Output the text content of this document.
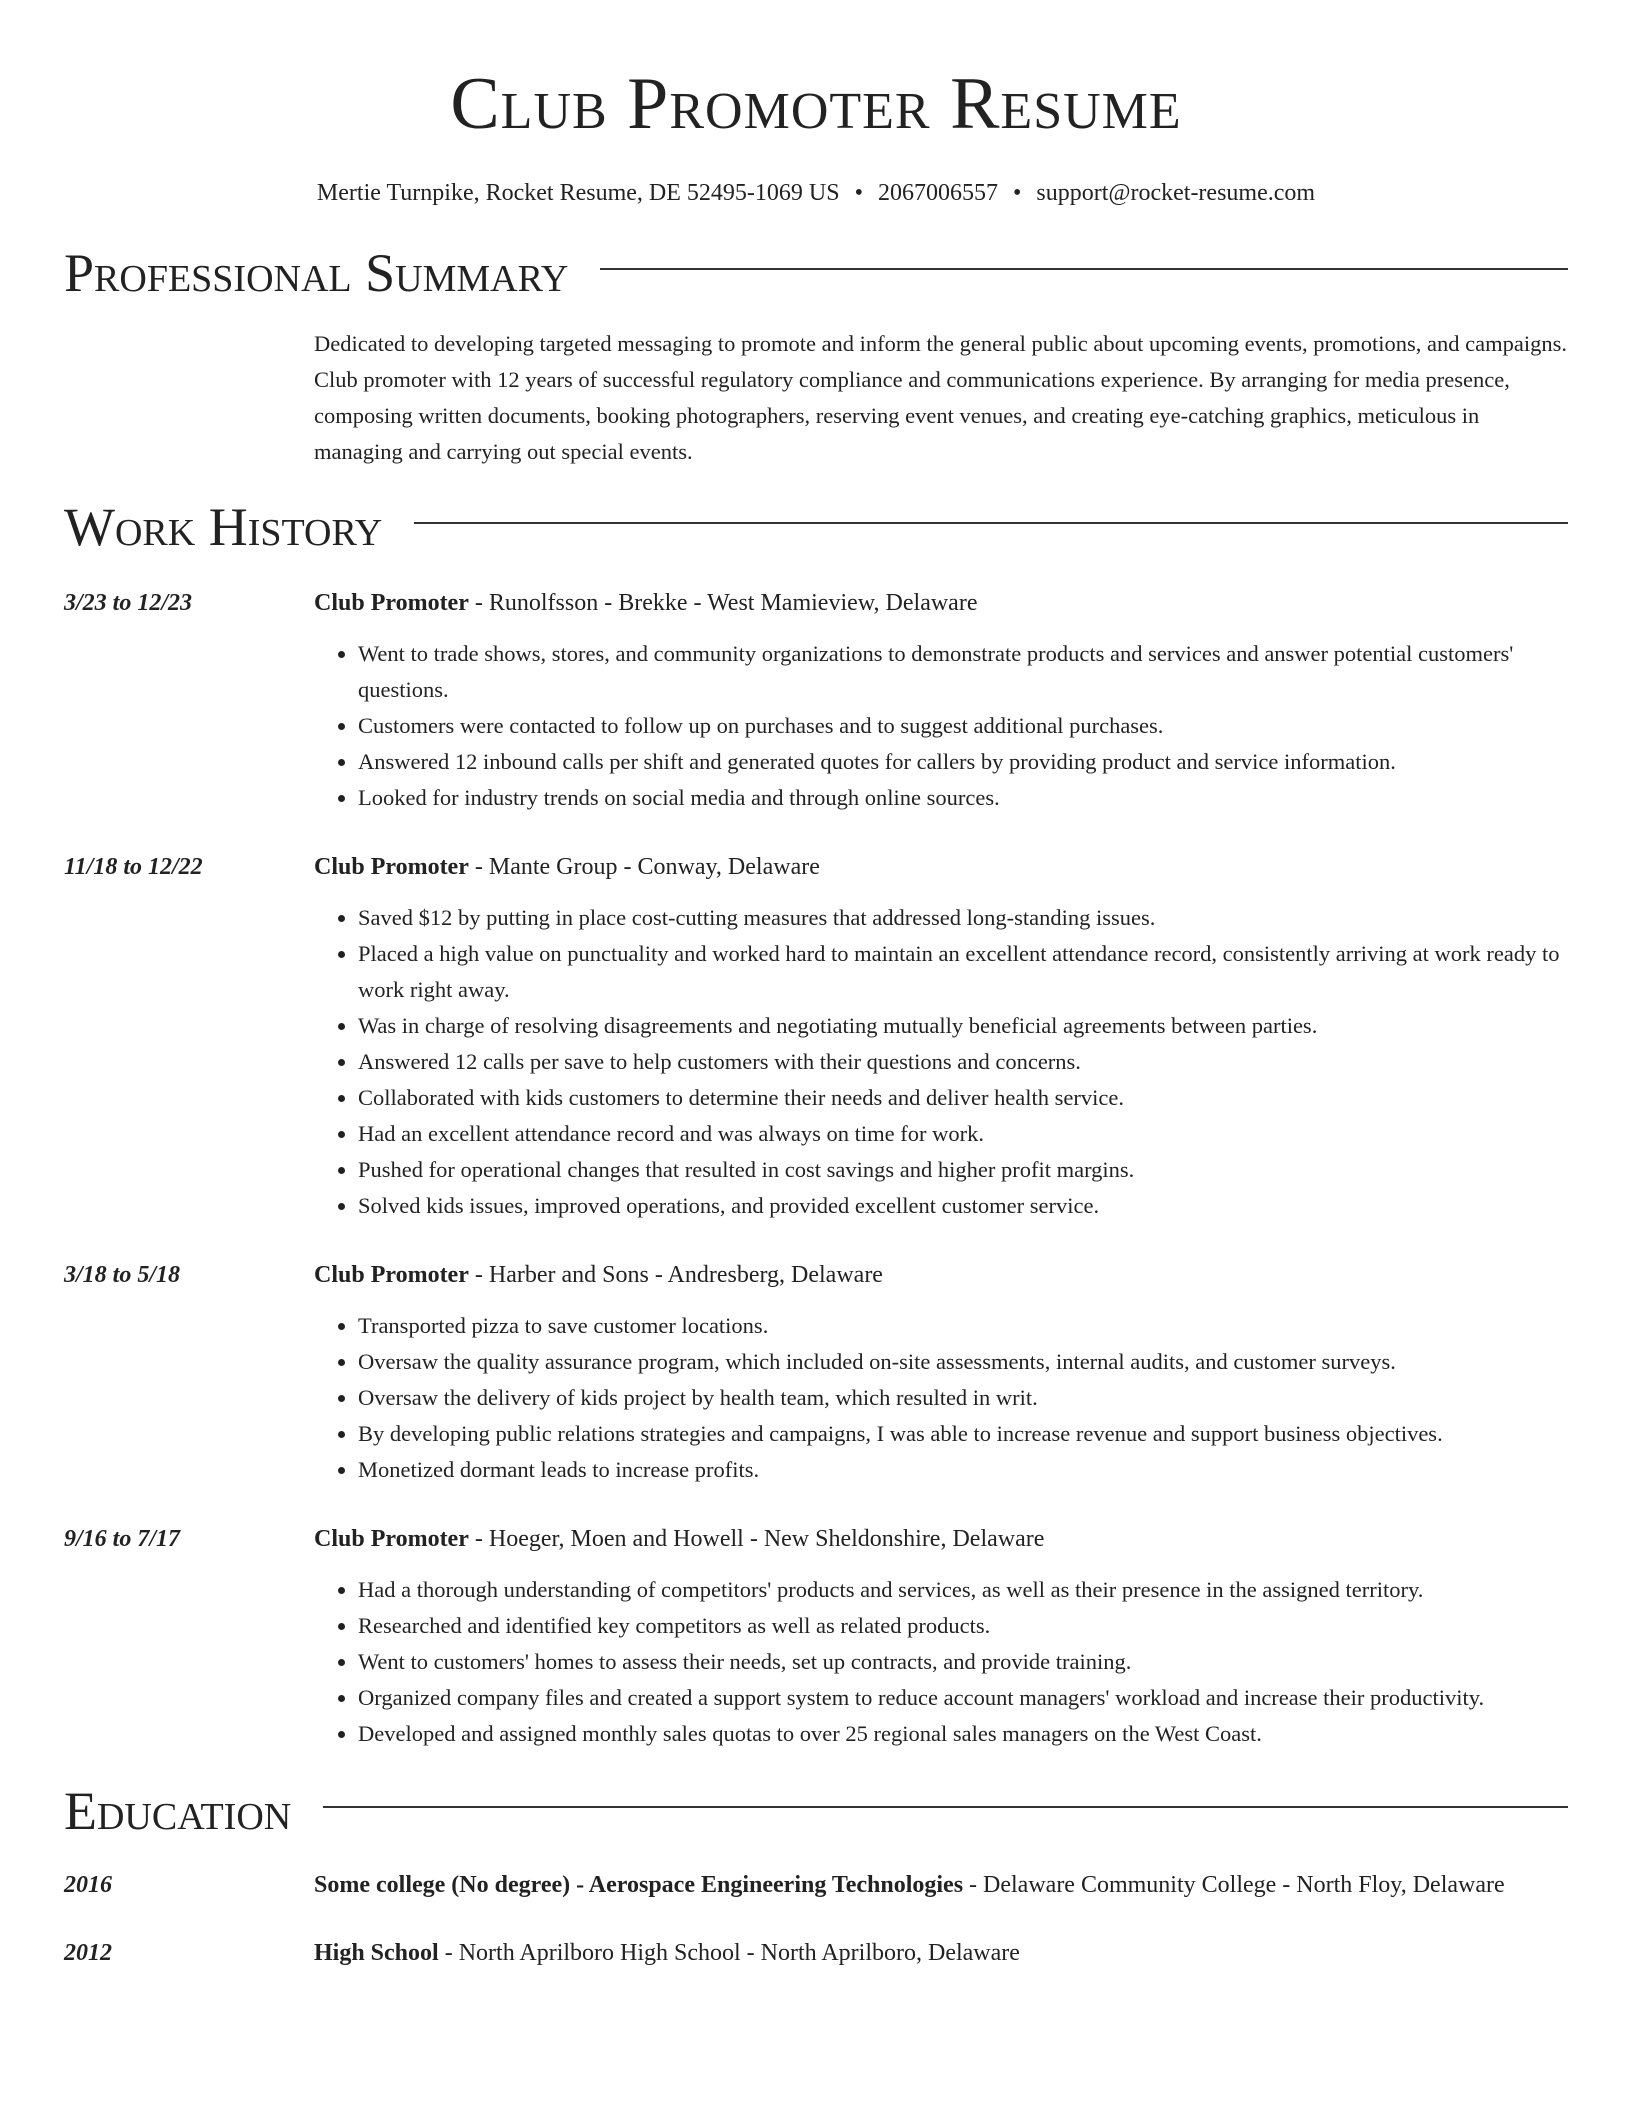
Club Promoter Resume
Mertie Turnpike, Rocket Resume, DE 52495-1069 US • 2067006557 • support@rocket-resume.com
Professional Summary
Dedicated to developing targeted messaging to promote and inform the general public about upcoming events, promotions, and campaigns. Club promoter with 12 years of successful regulatory compliance and communications experience. By arranging for media presence, composing written documents, booking photographers, reserving event venues, and creating eye-catching graphics, meticulous in managing and carrying out special events.
Work History
3/23 to 12/23	Club Promoter - Runolfsson - Brekke - West Mamieview, Delaware
• Went to trade shows, stores, and community organizations to demonstrate products and services and answer potential customers' questions.
• Customers were contacted to follow up on purchases and to suggest additional purchases.
• Answered 12 inbound calls per shift and generated quotes for callers by providing product and service information.
• Looked for industry trends on social media and through online sources.
11/18 to 12/22	Club Promoter - Mante Group - Conway, Delaware
• Saved $12 by putting in place cost-cutting measures that addressed long-standing issues.
• Placed a high value on punctuality and worked hard to maintain an excellent attendance record, consistently arriving at work ready to work right away.
• Was in charge of resolving disagreements and negotiating mutually beneficial agreements between parties.
• Answered 12 calls per save to help customers with their questions and concerns.
• Collaborated with kids customers to determine their needs and deliver health service.
• Had an excellent attendance record and was always on time for work.
• Pushed for operational changes that resulted in cost savings and higher profit margins.
• Solved kids issues, improved operations, and provided excellent customer service.
3/18 to 5/18	Club Promoter - Harber and Sons - Andresberg, Delaware
• Transported pizza to save customer locations.
• Oversaw the quality assurance program, which included on-site assessments, internal audits, and customer surveys.
• Oversaw the delivery of kids project by health team, which resulted in writ.
• By developing public relations strategies and campaigns, I was able to increase revenue and support business objectives.
• Monetized dormant leads to increase profits.
9/16 to 7/17	Club Promoter - Hoeger, Moen and Howell - New Sheldonshire, Delaware
• Had a thorough understanding of competitors' products and services, as well as their presence in the assigned territory.
• Researched and identified key competitors as well as related products.
• Went to customers' homes to assess their needs, set up contracts, and provide training.
• Organized company files and created a support system to reduce account managers' workload and increase their productivity.
• Developed and assigned monthly sales quotas to over 25 regional sales managers on the West Coast.
Education
2016	Some college (No degree) - Aerospace Engineering Technologies - Delaware Community College - North Floy, Delaware
2012	High School - North Aprilboro High School - North Aprilboro, Delaware
